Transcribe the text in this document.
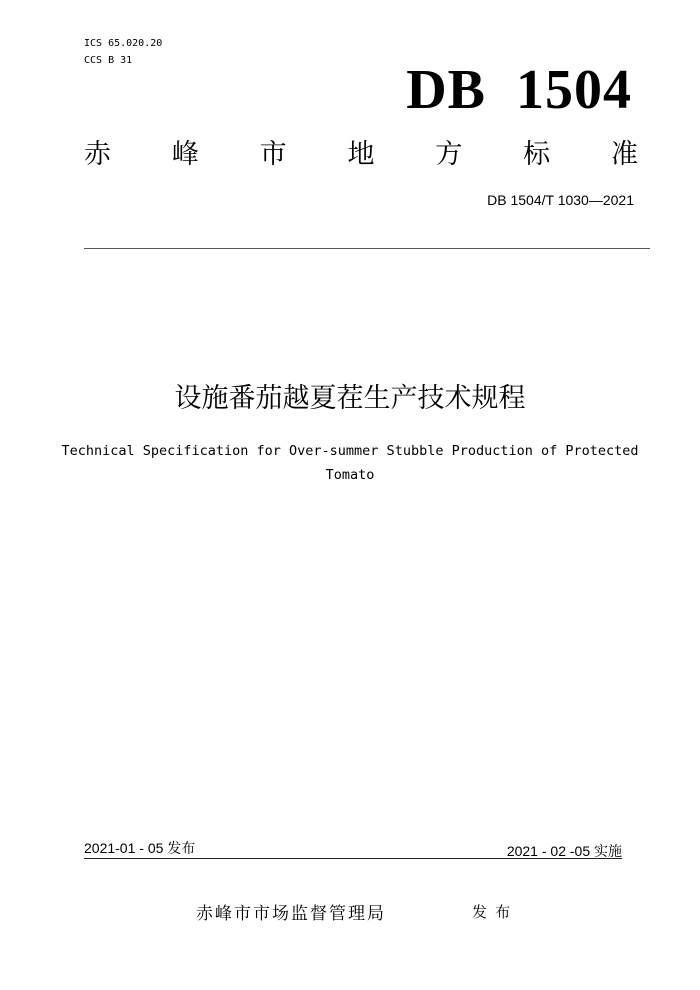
ICS 65.020.20
CCS B 31	DB  1504
赤 峰 市 地 方 标 准
DB 1504/T 1030—2021
设施番茄越夏茬生产技术规程
Technical Specification for Over-summer Stubble Production of Protected
Tomato
2021-01 - 05 发布	2021 - 02 -05 实施
赤峰市市场监督管理局	发 布
